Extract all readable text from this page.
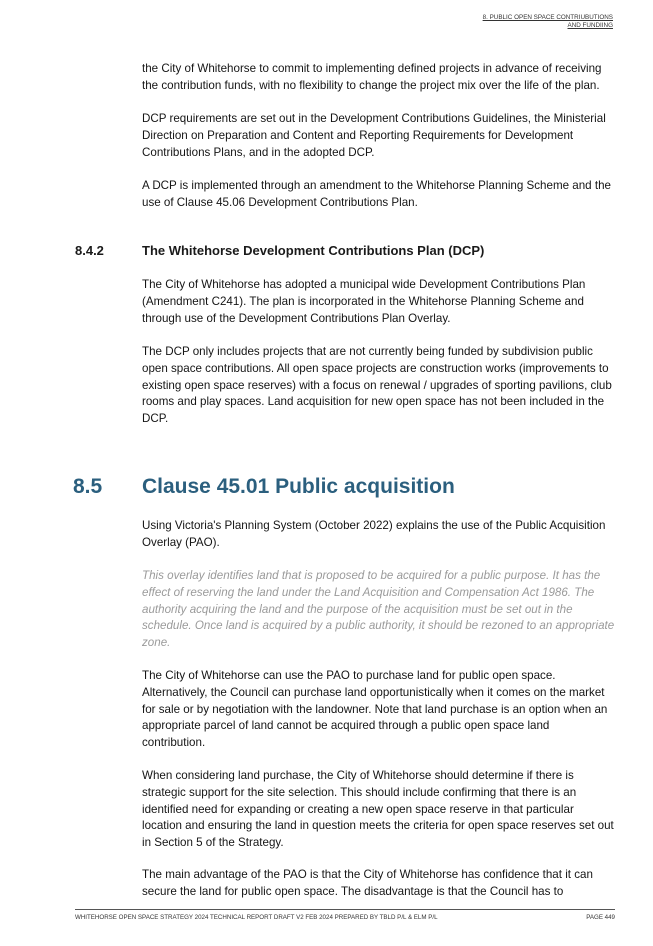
8. PUBLIC OPEN SPACE CONTRIUBUTIONS
AND FUNDIING

the City of Whitehorse to commit to implementing defined projects in advance of receiving the contribution funds, with no flexibility to change the project mix over the life of the plan.

DCP requirements are set out in the Development Contributions Guidelines, the Ministerial Direction on Preparation and Content and Reporting Requirements for Development Contributions Plans, and in the adopted DCP.

A DCP is implemented through an amendment to the Whitehorse Planning Scheme and the use of Clause 45.06 Development Contributions Plan.

8.4.2	The Whitehorse Development Contributions Plan (DCP)

The City of Whitehorse has adopted a municipal wide Development Contributions Plan (Amendment C241). The plan is incorporated in the Whitehorse Planning Scheme and through use of the Development Contributions Plan Overlay.

The DCP only includes projects that are not currently being funded by subdivision public open space contributions. All open space projects are construction works (improvements to existing open space reserves) with a focus on renewal / upgrades of sporting pavilions, club rooms and play spaces. Land acquisition for new open space has not been included in the DCP.

8.5 Clause 45.01 Public acquisition

Using Victoria's Planning System (October 2022) explains the use of the Public Acquisition Overlay (PAO).

This overlay identifies land that is proposed to be acquired for a public purpose. It has the effect of reserving the land under the Land Acquisition and Compensation Act 1986. The authority acquiring the land and the purpose of the acquisition must be set out in the schedule. Once land is acquired by a public authority, it should be rezoned to an appropriate zone.

The City of Whitehorse can use the PAO to purchase land for public open space. Alternatively, the Council can purchase land opportunistically when it comes on the market for sale or by negotiation with the landowner. Note that land purchase is an option when an appropriate parcel of land cannot be acquired through a public open space land contribution.

When considering land purchase, the City of Whitehorse should determine if there is strategic support for the site selection. This should include confirming that there is an identified need for expanding or creating a new open space reserve in that particular location and ensuring the land in question meets the criteria for open space reserves set out in Section 5 of the Strategy.

The main advantage of the PAO is that the City of Whitehorse has confidence that it can secure the land for public open space. The disadvantage is that the Council has to

WHITEHORSE OPEN SPACE STRATEGY 2024 TECHNICAL REPORT DRAFT V2 FEB 2024 PREPARED BY TBLD P/L & ELM P/L	PAGE 449
